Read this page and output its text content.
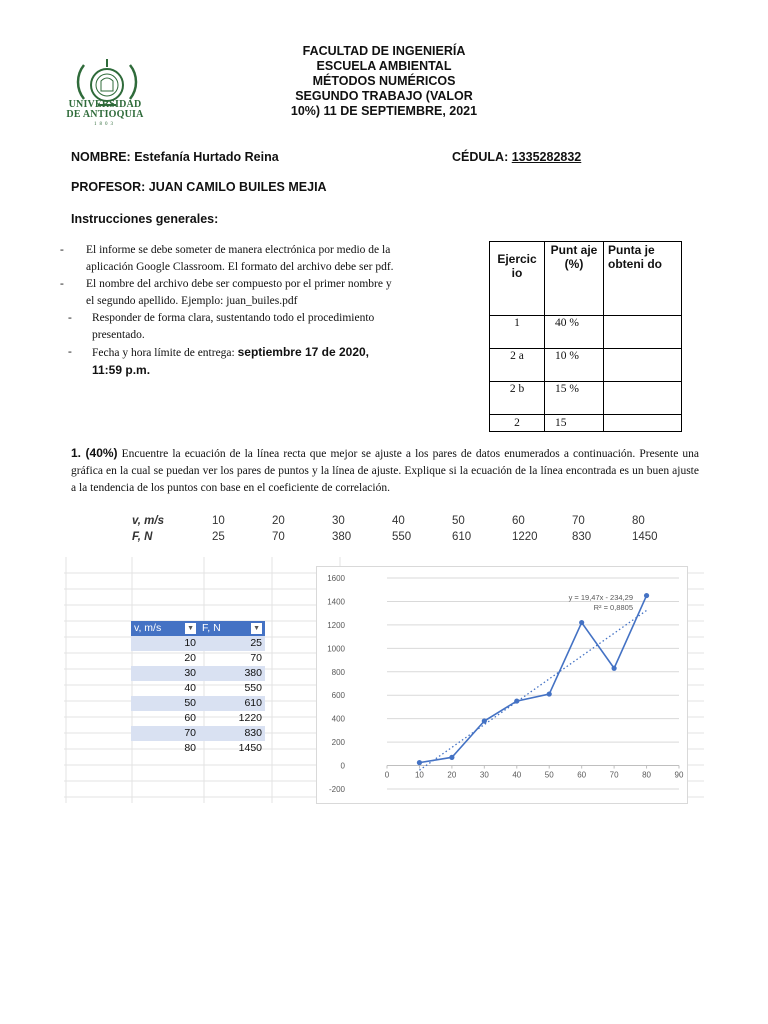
UNIVERSIDAD
DE ANTIOQUIA
1803
FACULTAD DE INGENIERÍA
ESCUELA AMBIENTAL
MÉTODOS NUMÉRICOS
SEGUNDO TRABAJO (VALOR
10%) 11 DE SEPTIEMBRE, 2021
NOMBRE: Estefanía Hurtado Reina	CÉDULA: 1335282832
PROFESOR: JUAN CAMILO BUILES MEJIA
Instrucciones generales:
- El informe se debe someter de manera electrónica por medio de la aplicación Google Classroom. El formato del archivo debe ser pdf.
- El nombre del archivo debe ser compuesto por el primer nombre y el segundo apellido. Ejemplo: juan_builes.pdf
- Responder de forma clara, sustentando todo el procedimiento presentado.
- Fecha y hora límite de entrega: septiembre 17 de 2020, 11:59 p.m.
Ejercic io	Punt aje (%)	Punta je obteni do
1	40 %	
2 a	10 %	
2 b	15 %	
2	15	
1. (40%) Encuentre la ecuación de la línea recta que mejor se ajuste a los pares de datos enumerados a continuación. Presente una gráfica en la cual se puedan ver los pares de puntos y la línea de ajuste. Explique si la ecuación de la línea encontrada es un buen ajuste a la tendencia de los puntos con base en el coeficiente de correlación.
v, m/s	10	20	30	40	50	60	70	80
F, N	25	70	380	550	610	1220	830	1450
v, m/s ▼	F, N ▼

10	25
20	70
30	380
40	550
50	610
60	1220
70	830
80	1450
-200
0
200
400
600
800
1000
1200
1400
1600
0	10	20	30	40	50	60	70	80	90
y = 19,47x - 234,29
R² = 0,8805
